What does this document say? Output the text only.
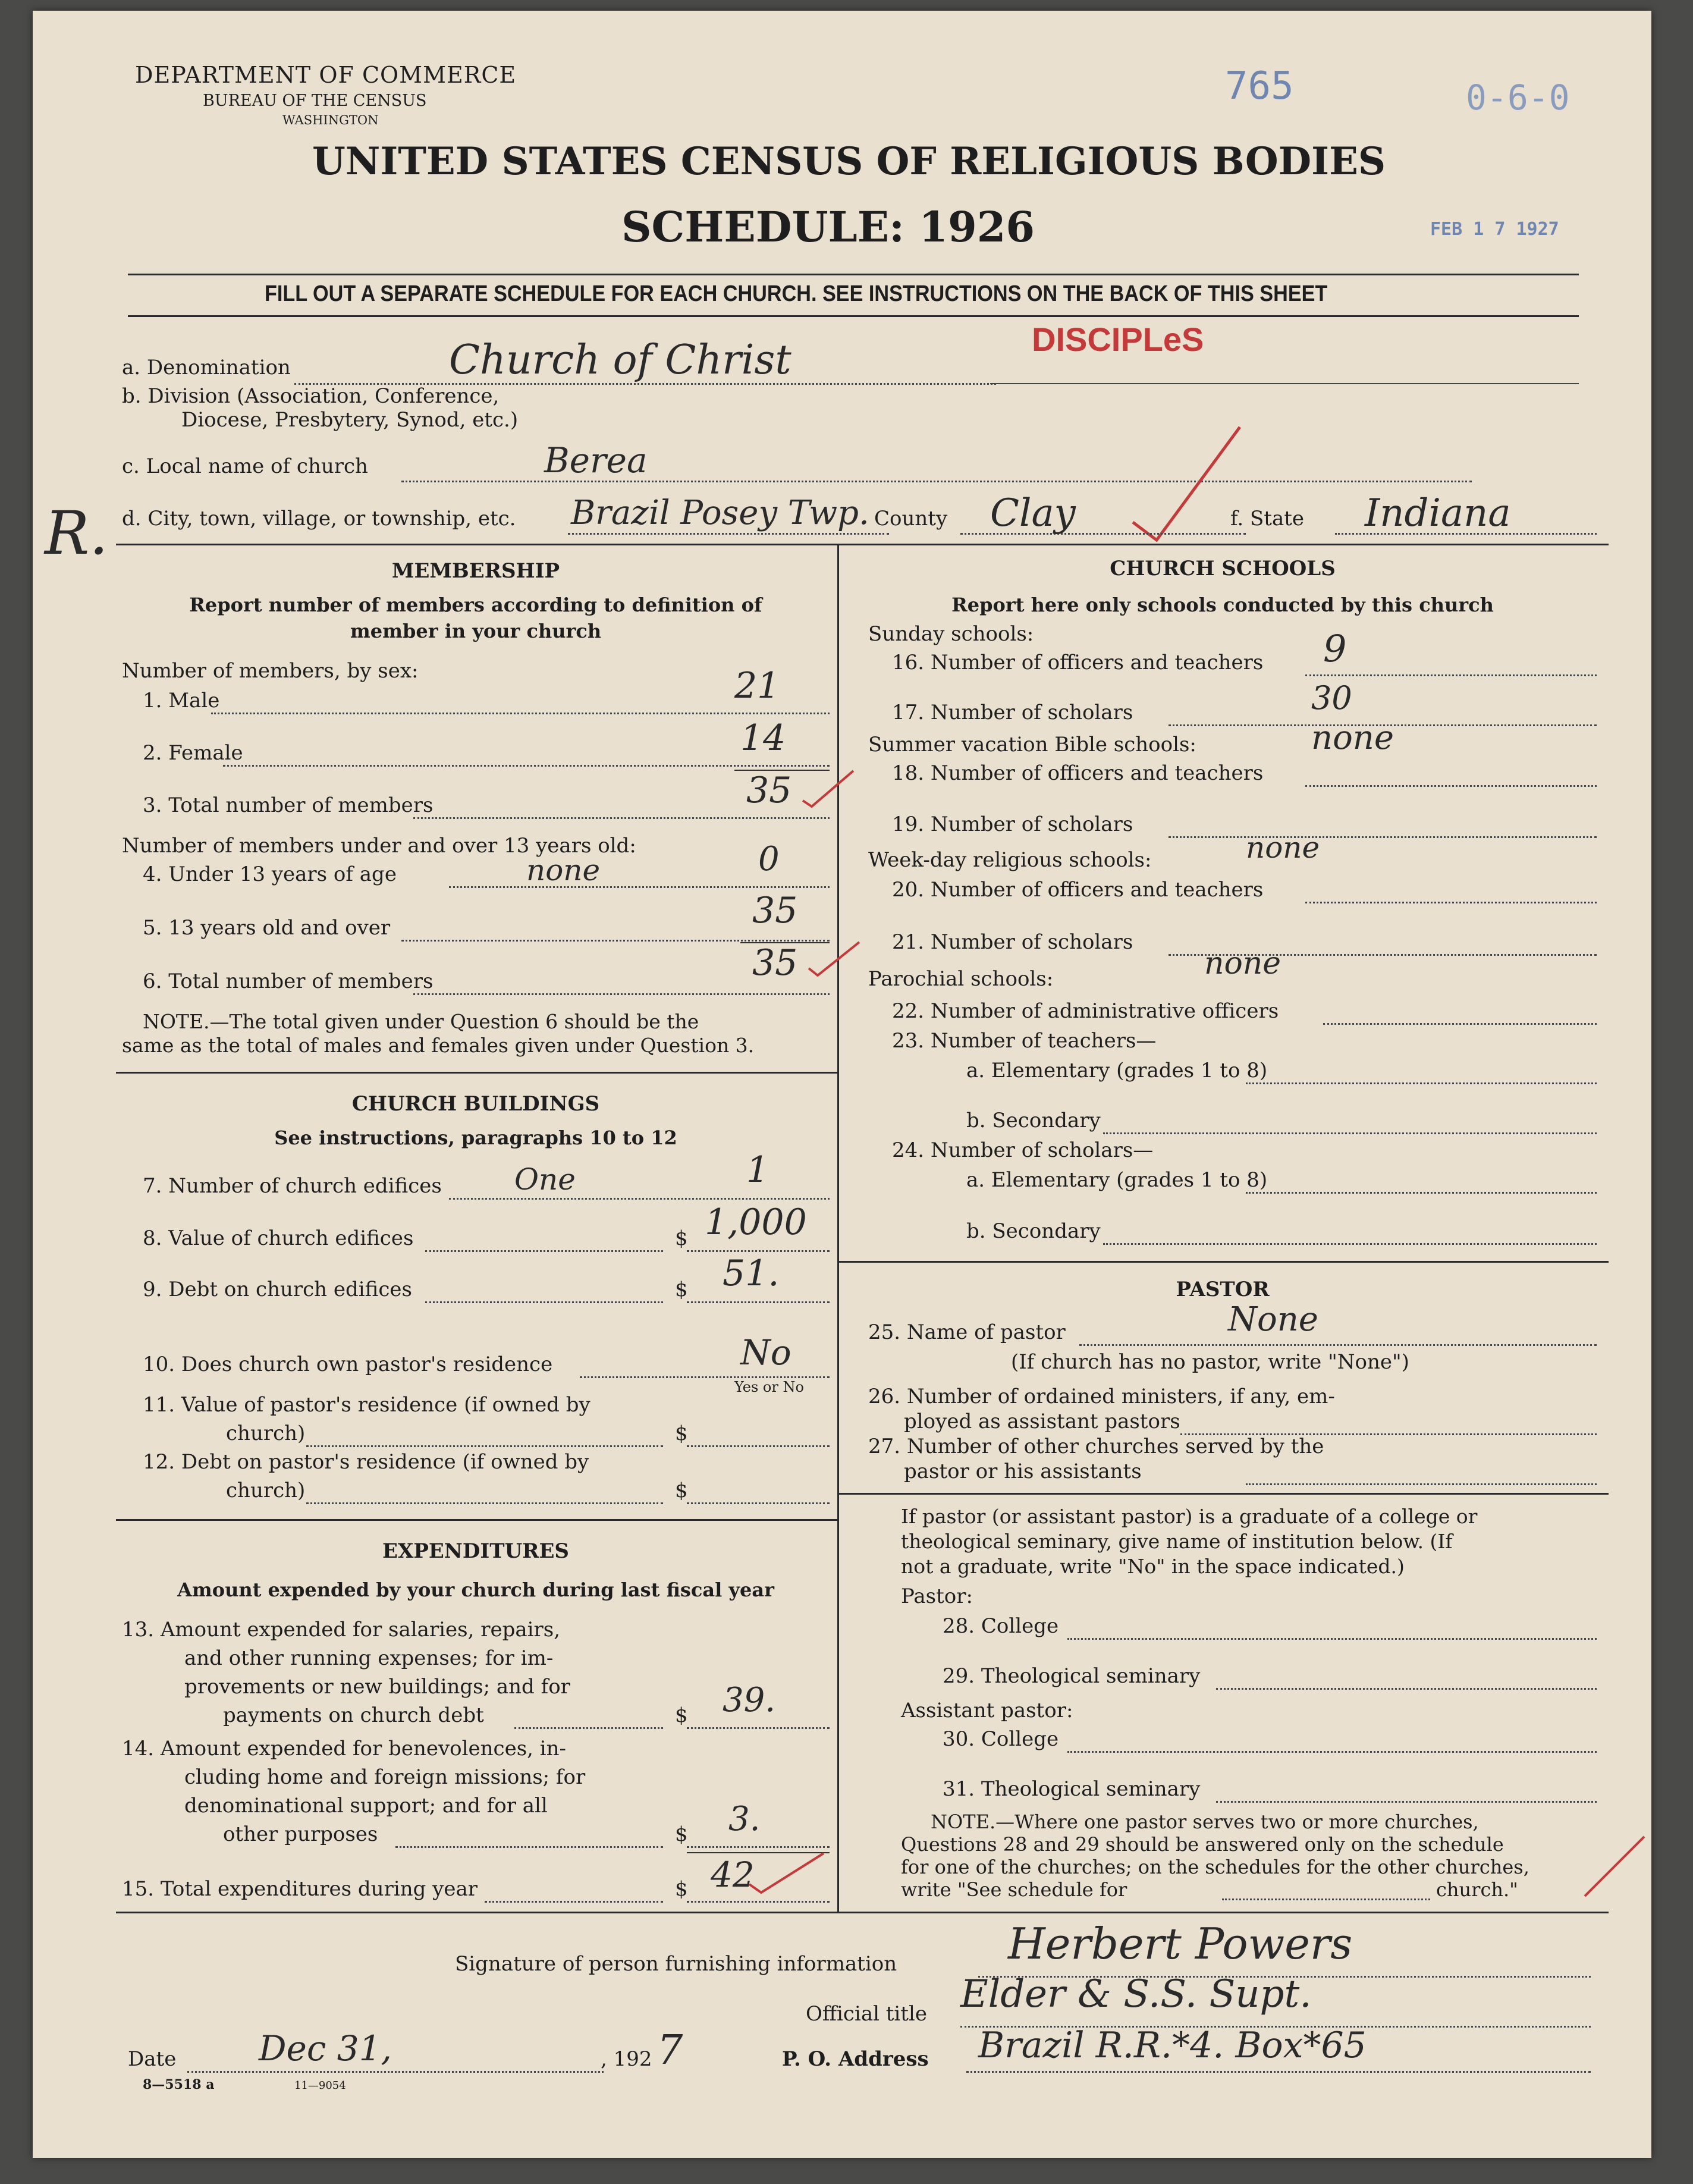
DEPARTMENT OF COMMERCE
BUREAU OF THE CENSUS
WASHINGTON
765	0-6-0
UNITED STATES CENSUS OF RELIGIOUS BODIES
SCHEDULE: 1926	FEB 1 7 1927
FILL OUT A SEPARATE SCHEDULE FOR EACH CHURCH. SEE INSTRUCTIONS ON THE BACK OF THIS SHEET
a. Denomination	Church of Christ	DISCIPLeS
b. Division (Association, Conference,
Diocese, Presbytery, Synod, etc.)
c. Local name of church	Berea
R. d. City, town, village, or township, etc. Brazil Posey Twp. County Clay	f. State Indiana
MEMBERSHIP
Report number of members according to definition of
member in your church
Number of members, by sex:
1. Male	21
2. Female	14
3. Total number of members	35
Number of members under and over 13 years old:
4. Under 13 years of age	none	0
5. 13 years old and over	35
6. Total number of members	35
NOTE.—The total given under Question 6 should be the
same as the total of males and females given under Question 3.
CHURCH BUILDINGS
See instructions, paragraphs 10 to 12
7. Number of church edifices One	1
8. Value of church edifices	$ 1,000
9. Debt on church edifices	$ 51.
10. Does church own pastor's residence	No
Yes or No
11. Value of pastor's residence (if owned by
church)	$
12. Debt on pastor's residence (if owned by
church)	$
EXPENDITURES
Amount expended by your church during last fiscal year
13. Amount expended for salaries, repairs,
and other running expenses; for im-
provements or new buildings; and for
payments on church debt	$ 39.
14. Amount expended for benevolences, in-
cluding home and foreign missions; for
denominational support; and for all
other purposes	$ 3.
15. Total expenditures during year	$ 42
CHURCH SCHOOLS
Report here only schools conducted by this church
Sunday schools:
16. Number of officers and teachers 9
17. Number of scholars	30
Summer vacation Bible schools:	none
18. Number of officers and teachers
19. Number of scholars
Week-day religious schools:	none
20. Number of officers and teachers
21. Number of scholars
Parochial schools:	none
22. Number of administrative officers
23. Number of teachers—
a. Elementary (grades 1 to 8)
b. Secondary
24. Number of scholars—
a. Elementary (grades 1 to 8)
b. Secondary
PASTOR
25. Name of pastor	None
(If church has no pastor, write "None")
26. Number of ordained ministers, if any, em-
ployed as assistant pastors
27. Number of other churches served by the
pastor or his assistants
If pastor (or assistant pastor) is a graduate of a college or
theological seminary, give name of institution below. (If
not a graduate, write "No" in the space indicated.)
Pastor:
28. College
29. Theological seminary
Assistant pastor:
30. College
31. Theological seminary
NOTE.—Where one pastor serves two or more churches,
Questions 28 and 29 should be answered only on the schedule
for one of the churches; on the schedules for the other churches,
write "See schedule for	church."
Signature of person furnishing information	Herbert Powers
Official title Elder & S.S. Supt.
Date Dec 31,	, 192 7	P. O. Address Brazil R.R.*4. Box*65
8—5518 a	11—9054
